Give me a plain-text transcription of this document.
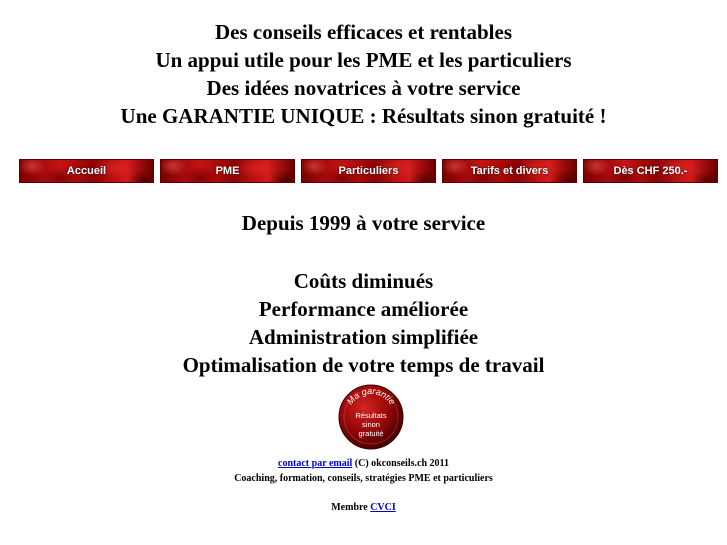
Des conseils efficaces et rentables
Un appui utile pour les PME et les particuliers
Des idées novatrices à votre service
Une GARANTIE UNIQUE : Résultats sinon gratuité !
Accueil	PME	Particuliers	Tarifs et divers	Dès CHF 250.-
Depuis 1999 à votre service
Coûts diminués
Performance améliorée
Administration simplifiée
Optimalisation de votre temps de travail
Ma garantie
Résultats
sinon
gratuité
contact par email (C) okconseils.ch 2011
Coaching, formation, conseils, stratégies PME et particuliers
Membre CVCI
